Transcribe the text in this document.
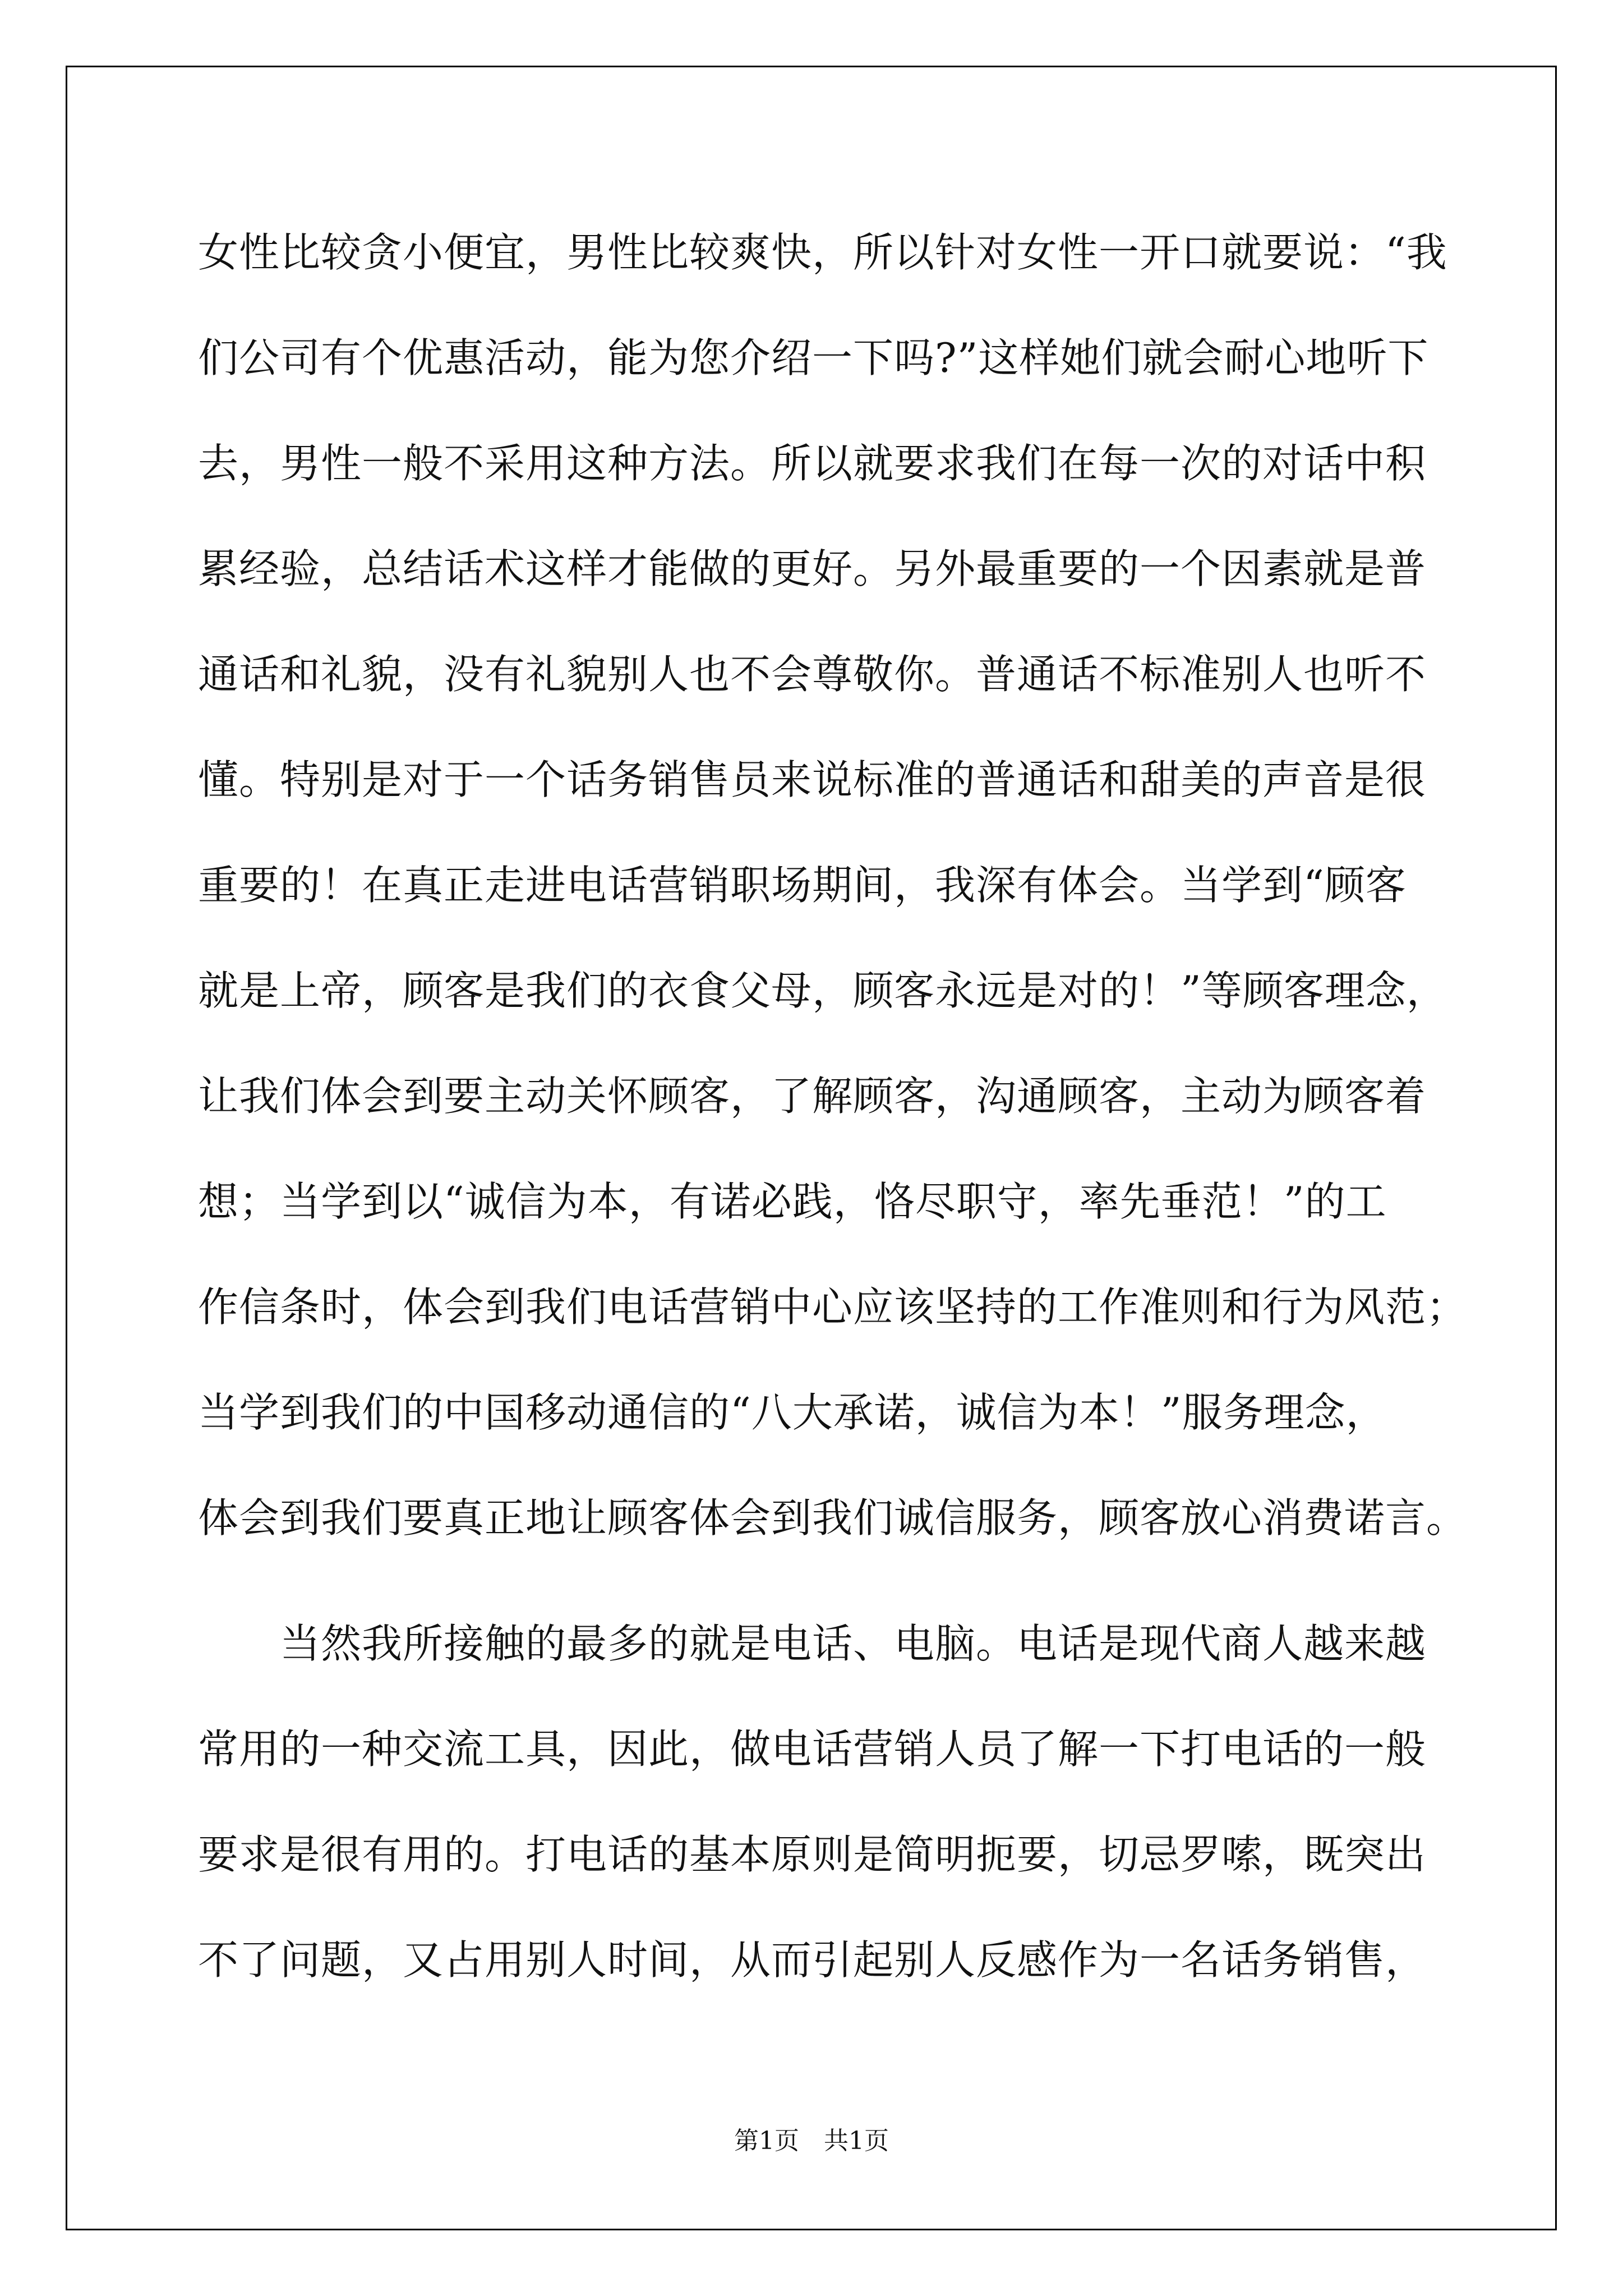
女性比较贪小便宜，男性比较爽快，所以针对女性一开口就要说：“我
们公司有个优惠活动，能为您介绍一下吗?”这样她们就会耐心地听下
去，男性一般不采用这种方法。所以就要求我们在每一次的对话中积
累经验，总结话术这样才能做的更好。另外最重要的一个因素就是普
通话和礼貌，没有礼貌别人也不会尊敬你。普通话不标准别人也听不
懂。特别是对于一个话务销售员来说标准的普通话和甜美的声音是很
重要的！在真正走进电话营销职场期间，我深有体会。当学到“顾客
就是上帝，顾客是我们的衣食父母，顾客永远是对的！”等顾客理念，
让我们体会到要主动关怀顾客，了解顾客，沟通顾客，主动为顾客着
想；当学到以“诚信为本，有诺必践，恪尽职守，率先垂范！”的工
作信条时，体会到我们电话营销中心应该坚持的工作准则和行为风范；
当学到我们的中国移动通信的“八大承诺，诚信为本！”服务理念，
体会到我们要真正地让顾客体会到我们诚信服务，顾客放心消费诺言。
当然我所接触的最多的就是电话、电脑。电话是现代商人越来越
常用的一种交流工具，因此，做电话营销人员了解一下打电话的一般
要求是很有用的。打电话的基本原则是简明扼要，切忌罗嗦，既突出
不了问题，又占用别人时间，从而引起别人反感作为一名话务销售，
第1页　共1页
